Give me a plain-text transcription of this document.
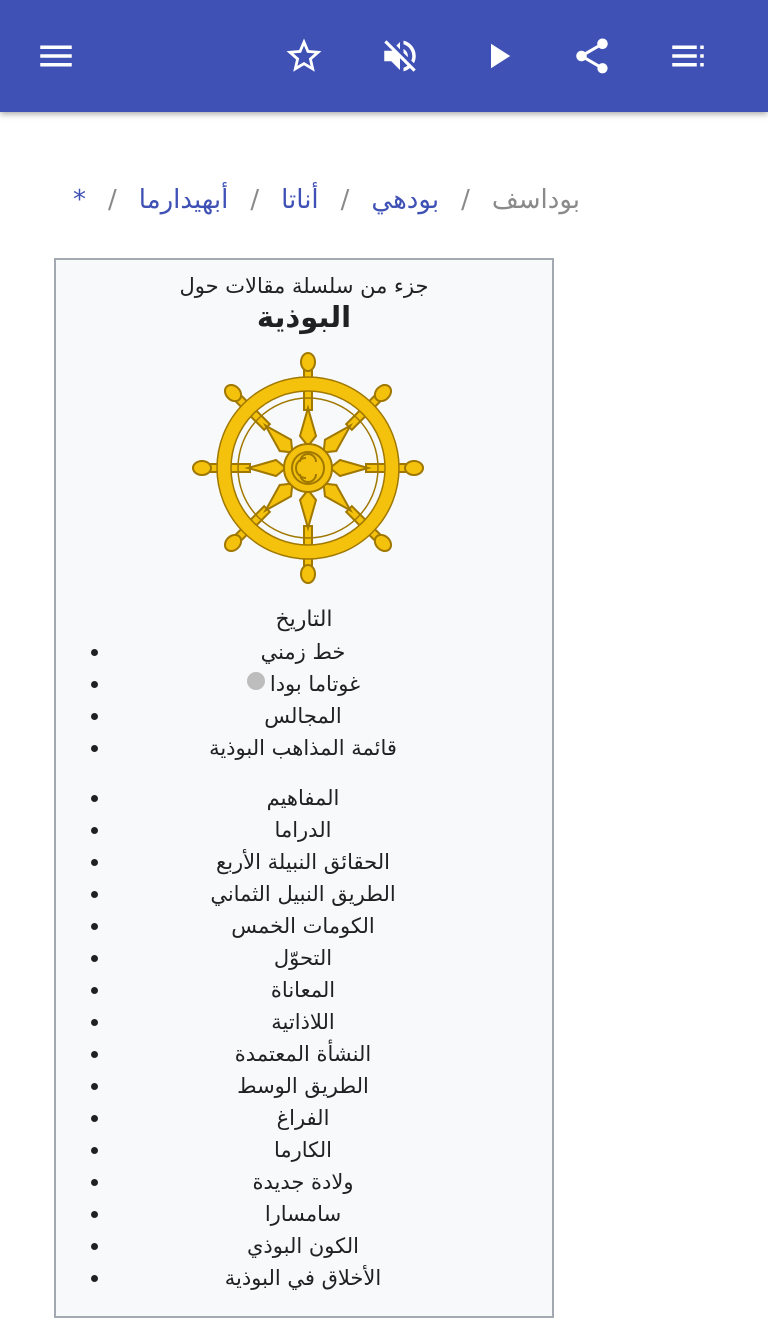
بوداسف/بودهي/أناتا/أبهيدارما/*
جزء من سلسلة مقالات حول
البوذية
التاريخ
خط زمني
غوتاما بودا
المجالس
قائمة المذاهب البوذية
المفاهيم
الدراما
الحقائق النبيلة الأربع
الطريق النبيل الثماني
الكومات الخمس
التحوّل
المعاناة
اللاذاتية
النشأة المعتمدة
الطريق الوسط
الفراغ
الكارما
ولادة جديدة
سامسارا
الكون البوذي
الأخلاق في البوذية
